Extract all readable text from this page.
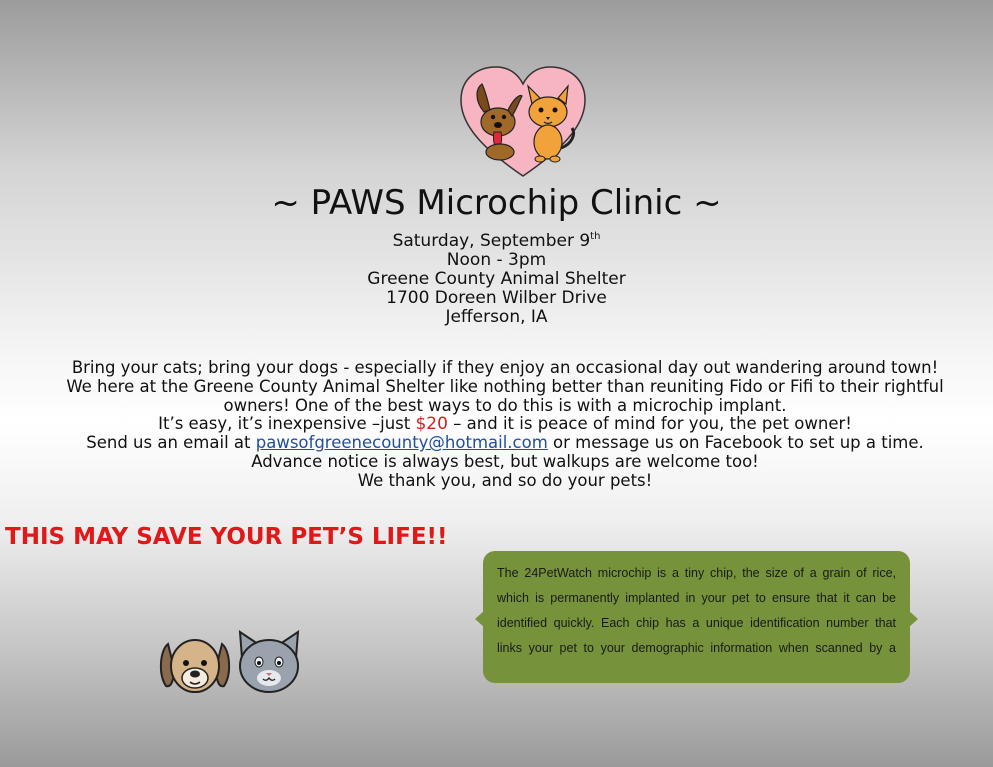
~ PAWS Microchip Clinic ~
Saturday, September 9th
Noon - 3pm
Greene County Animal Shelter
1700 Doreen Wilber Drive
Jefferson, IA
Bring your cats; bring your dogs - especially if they enjoy an occasional day out wandering around town!
We here at the Greene County Animal Shelter like nothing better than reuniting Fido or Fifi to their rightful
owners! One of the best ways to do this is with a microchip implant.
It’s easy, it’s inexpensive –just $20 – and it is peace of mind for you, the pet owner!
Send us an email at pawsofgreenecounty@hotmail.com or message us on Facebook to set up a time.
Advance notice is always best, but walkups are welcome too!
We thank you, and so do your pets!
THIS MAY SAVE YOUR PET’S LIFE!!

The 24PetWatch microchip is a tiny chip, the size of a grain of rice, which is permanently implanted in your pet to ensure that it can be identified quickly. Each chip has a unique identification number that links your pet to your demographic information when scanned by a
